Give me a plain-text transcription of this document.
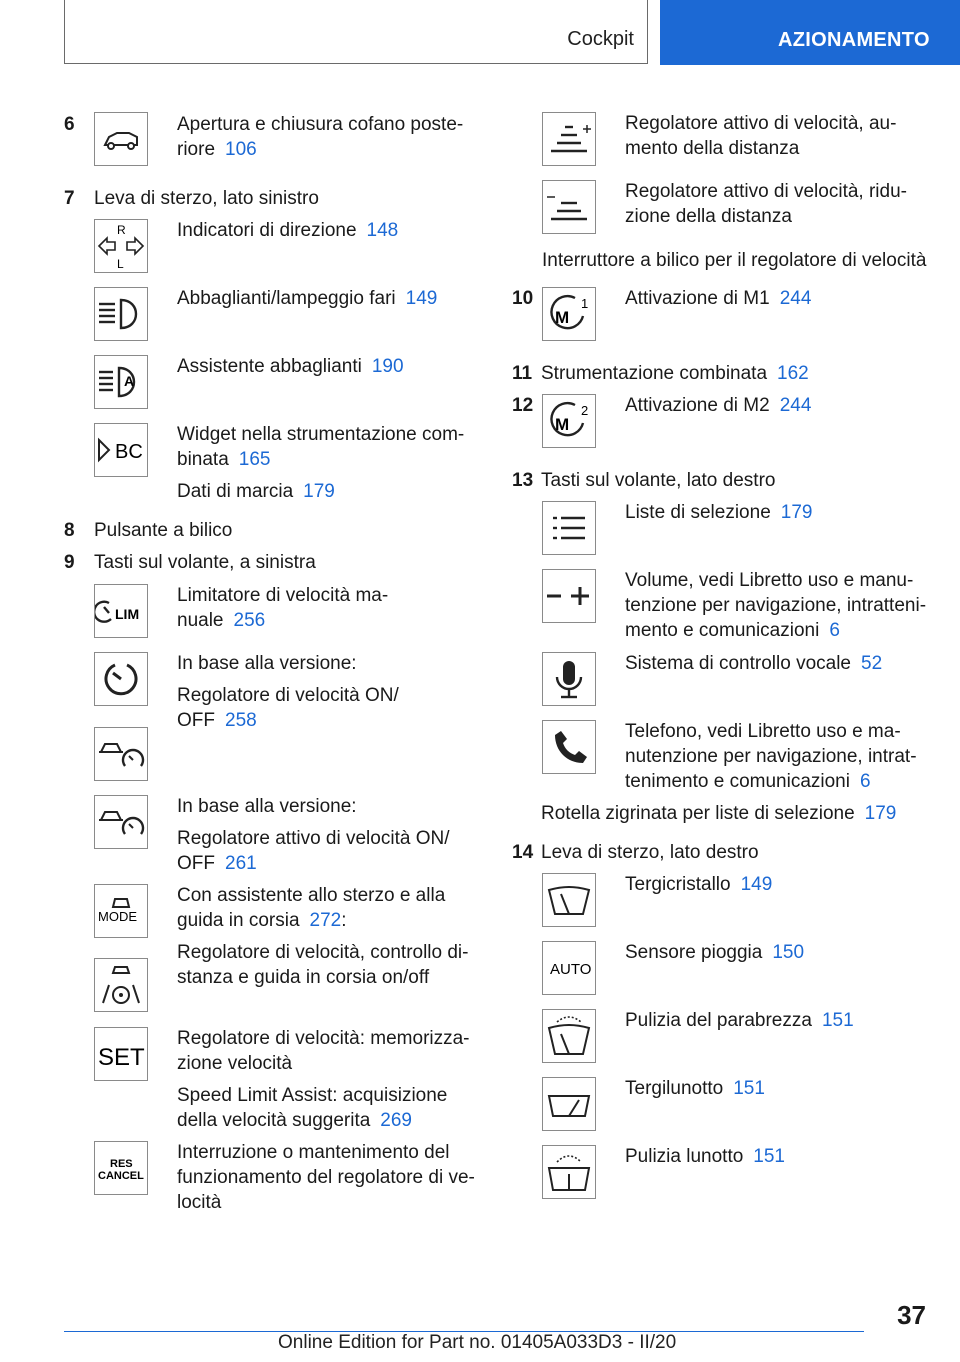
Cockpit	AZIONAMENTO
6	Apertura e chiusura cofano poste-riore 106
7 Leva di sterzo, lato sinistro
R
L
Indicatori di direzione 148
Abbaglianti/lampeggio fari 149
A
Assistente abbaglianti 190
BC
Widget nella strumentazione com-
binata 165
Dati di marcia 179
8 Pulsante a bilico
9 Tasti sul volante, a sinistra
LIM
Limitatore di velocità ma-
nuale 256
In base alla versione:
Regolatore di velocità ON/
OFF 258
In base alla versione:
Regolatore attivo di velocità ON/
OFF 261
MODE
Con assistente allo sterzo e alla
guida in corsia 272:
Regolatore di velocità, controllo di-
stanza e guida in corsia on/off
SET
Regolatore di velocità: memorizza-
zione velocità
Speed Limit Assist: acquisizione
della velocità suggerita 269
RES
CANCEL
Interruzione o mantenimento del
funzionamento del regolatore di ve-
locità
Regolatore attivo di velocità, au-
mento della distanza
Regolatore attivo di velocità, ridu-
zione della distanza
Interruttore a bilico per il regolatore di velocità
10
M
1 Attivazione di M1 244
11 Strumentazione combinata 162
12
M
2 Attivazione di M2 244
13 Tasti sul volante, lato destro
Liste di selezione 179
Volume, vedi Libretto uso e manu-
tenzione per navigazione, intratteni-
mento e comunicazioni 6
Sistema di controllo vocale 52
Telefono, vedi Libretto uso e ma-
nutenzione per navigazione, intrat-
tenimento e comunicazioni 6
Rotella zigrinata per liste di selezione 179
14 Leva di sterzo, lato destro
Tergicristallo 149
AUTO
Sensore pioggia 150
Pulizia del parabrezza 151
Tergilunotto 151
Pulizia lunotto 151
37
Online Edition for Part no. 01405A033D3 - II/20
